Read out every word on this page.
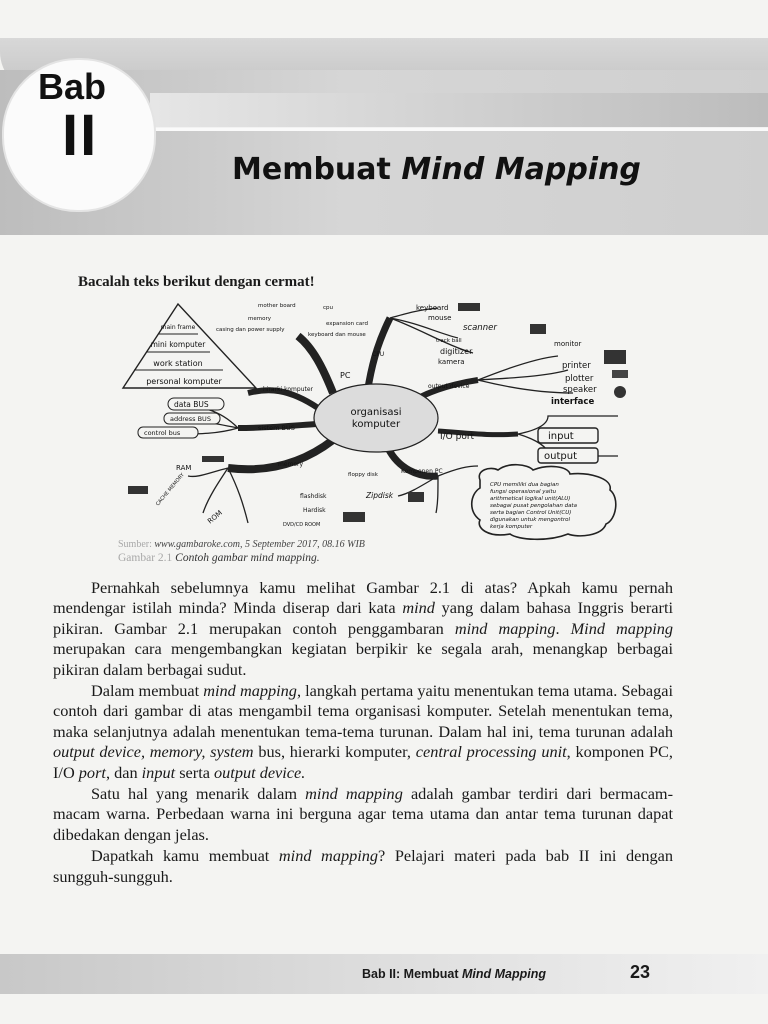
Bab
II
Membuat Mind Mapping
Bacalah teks berikut dengan cermat!
organisasi
komputer
main frame
mini komputer
work station
personal komputer
mother board
memory
cpu
casing dan power supply
expansion card
keyboard dan mouse
hirarki komputer
PC
Komponen PC
CPU
output device
I/O port
sistem BUS
memory
keyboard
mouse
scanner
track ball
digitizer
kamera
monitor
printer
plotter
speaker
interface
input
output
data BUS
address BUS
control bus
RAM
CACHE MEMORY
ROM
floppy disk
flashdisk	Zipdisk
Hardisk
DVD/CD ROOM
CPU memiliki dua bagian
fungsi operasional yaitu
arithmetical logikal unit(ALU)
sebagai pusat pengolahan data
serta bagian Control Unit(CU)
digunakan untuk mengontrol
kerja komputer
Sumber: www.gambaroke.com, 5 September 2017, 08.16 WIB
Gambar 2.1 Contoh gambar mind mapping.

Pernahkah sebelumnya kamu melihat Gambar 2.1 di atas? Apkah kamu pernah mendengar istilah minda? Minda diserap dari kata mind yang dalam bahasa Inggris berarti pikiran. Gambar 2.1 merupakan contoh penggambaran mind mapping. Mind mapping merupakan cara mengembangkan kegiatan berpikir ke segala arah, menangkap berbagai pikiran dalam berbagai sudut.

Dalam membuat mind mapping, langkah pertama yaitu menentukan tema utama. Sebagai contoh dari gambar di atas mengambil tema organisasi komputer. Setelah menentukan tema, maka selanjutnya adalah menentukan tema-tema turunan. Dalam hal ini, tema turunan adalah output device, memory, system bus, hierarki komputer, central processing unit, komponen PC, I/O port, dan input serta output device.

Satu hal yang menarik dalam mind mapping adalah gambar terdiri dari bermacam-macam warna. Perbedaan warna ini berguna agar tema utama dan antar tema turunan dapat dibedakan dengan jelas.

Dapatkah kamu membuat mind mapping? Pelajari materi pada bab II ini dengan sungguh-sungguh.

Bab II: Membuat Mind Mapping	23
